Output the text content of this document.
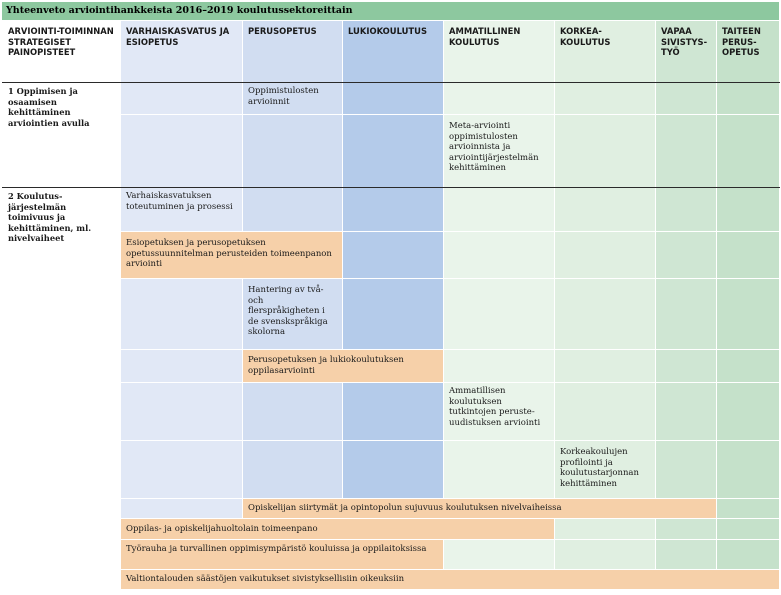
Yhteenveto arviointihankkeista 2016–2019 koulutussektoreittain
ARVIOINTI-TOIMINNAN STRATEGISET PAINOPISTEET	VARHAISKASVATUS JA ESIOPETUS	PERUSOPETUS	LUKIOKOULUTUS	AMMATILLINEN KOULUTUS	KORKEA-KOULUTUS	VAPAA SIVISTYS-TYÖ	TAITEEN PERUS-OPETUS
1 Oppimisen ja osaamisen kehittäminen arviointien avulla		Oppimistulosten arvioinnit					
				Meta-arviointi oppimistulosten arvioinnista ja arviointijärjestelmän kehittäminen			
2 Koulutus-järjestelmän toimivuus ja kehittäminen, ml. nivelvaiheet	Varhaiskasvatuksen toteutuminen ja prosessi						
	Esiopetuksen ja perusopetuksen opetussuunnitelman perusteiden toimeenpanon arviointi						
		Hantering av två- och flerspråkigheten i de svenskspråkiga skolorna					
		Perusopetuksen ja lukiokoulutuksen oppilasarviointi					
				Ammatillisen koulutuksen tutkintojen peruste-uudistuksen arviointi			
					Korkeakoulujen profilointi ja koulutustarjonnan kehittäminen		
		Opiskelijan siirtymät ja opintopolun sujuvuus koulutuksen nivelvaiheissa					
	Oppilas- ja opiskelijahuoltolain toimeenpano						
	Työrauha ja turvallinen oppimisympäristö kouluissa ja oppilaitoksissa						
	Valtiontalouden säästöjen vaikutukset sivistyksellisiin oikeuksiin						
